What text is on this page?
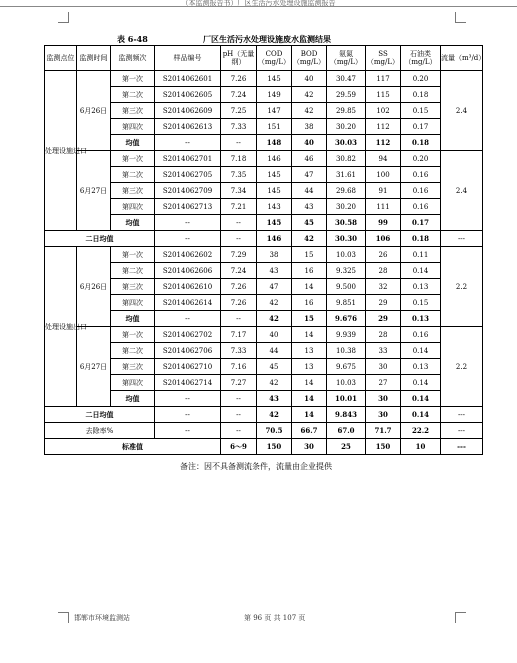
（本监测报告书）厂区生活污水处理设施监测报告
表 6-48	厂区生活污水处理设施废水监测结果
监测点位	监测时间	监测频次	样品编号	pH（无量纲）	COD（mg/L）	BOD（mg/L）	氨氮（mg/L）	SS（mg/L）	石油类（mg/L）	流量（m³/d）
处理设施进口	6月26日	第一次	S2014062601	7.26	145	40	30.47	117	0.20	2.4
		第二次	S2014062605	7.24	149	42	29.59	115	0.18	
		第三次	S2014062609	7.25	147	42	29.85	102	0.15	
		第四次	S2014062613	7.33	151	38	30.20	112	0.17	
		均值	--	--	148	40	30.03	112	0.18	
	6月27日	第一次	S2014062701	7.18	146	46	30.82	94	0.20	2.4
		第二次	S2014062705	7.35	145	47	31.61	100	0.16	
		第三次	S2014062709	7.34	145	44	29.68	91	0.16	
		第四次	S2014062713	7.21	143	43	30.20	111	0.16	
		均值	--	--	145	45	30.58	99	0.17	
二日均值			--	--	146	42	30.30	106	0.18	---
处理设施出口	6月26日	第一次	S2014062602	7.29	38	15	10.03	26	0.11	2.2
		第二次	S2014062606	7.24	43	16	9.325	28	0.14	
		第三次	S2014062610	7.26	47	14	9.500	32	0.13	
		第四次	S2014062614	7.26	42	16	9.851	29	0.15	
		均值	--	--	42	15	9.676	29	0.13	
	6月27日	第一次	S2014062702	7.17	40	14	9.939	28	0.16	2.2
		第二次	S2014062706	7.33	44	13	10.38	33	0.14	
		第三次	S2014062710	7.16	45	13	9.675	30	0.13	
		第四次	S2014062714	7.27	42	14	10.03	27	0.14	
		均值	--	--	43	14	10.01	30	0.14	
二日均值			--	--	42	14	9.843	30	0.14	---
去除率%			--	--	70.5	66.7	67.0	71.7	22.2	---
标准值				6～9	150	30	25	150	10	---
备注：因不具备测流条件，流量由企业提供
邯郸市环境监测站	第 96 页 共 107 页
